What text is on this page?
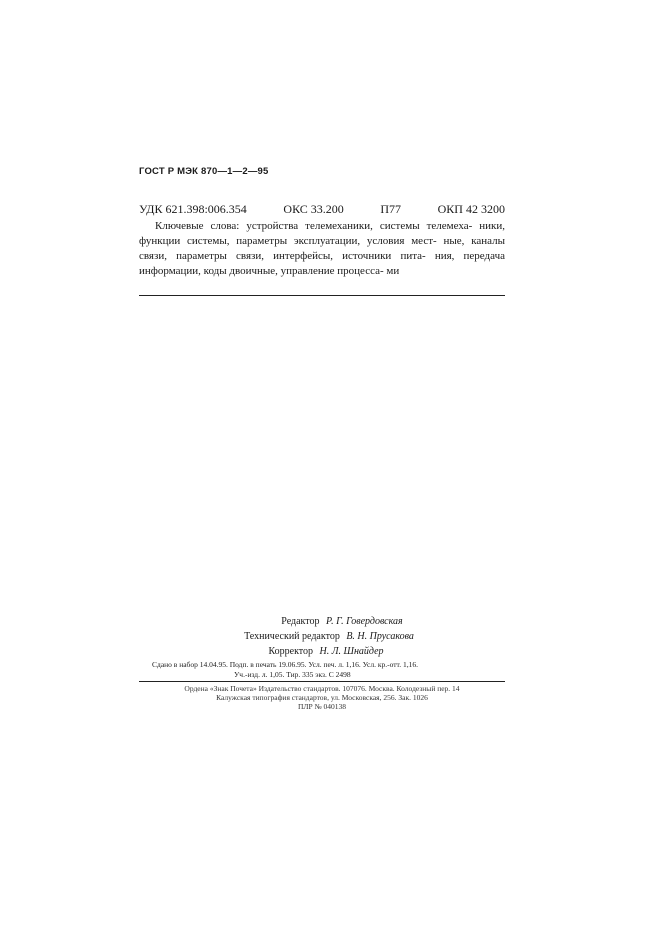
ГОСТ Р МЭК 870—1—2—95
УДК 621.398:006.354	ОКС 33.200	П77	ОКП 42 3200

Ключевые слова: устройства телемеханики, системы телемеха- ники, функции системы, параметры эксплуатации, условия мест- ные, каналы связи, параметры связи, интерфейсы, источники пита- ния, передача информации, коды двоичные, управление процесса- ми

Редактор Р. Г. Говердовская
Технический редактор В. Н. Прусакова
Корректор Н. Л. Шнайдер
Сдано в набор 14.04.95. Подп. в печать 19.06.95. Усл. печ. л. 1,16. Усл. кр.-отт. 1,16.
Уч.-изд. л. 1,05. Тир. 335 экз. С 2498
Ордена «Знак Почета» Издательство стандартов. 107076. Москва. Колодезный пер. 14
Калужская типография стандартов, ул. Московская, 256. Зак. 1026
ПЛР № 040138
